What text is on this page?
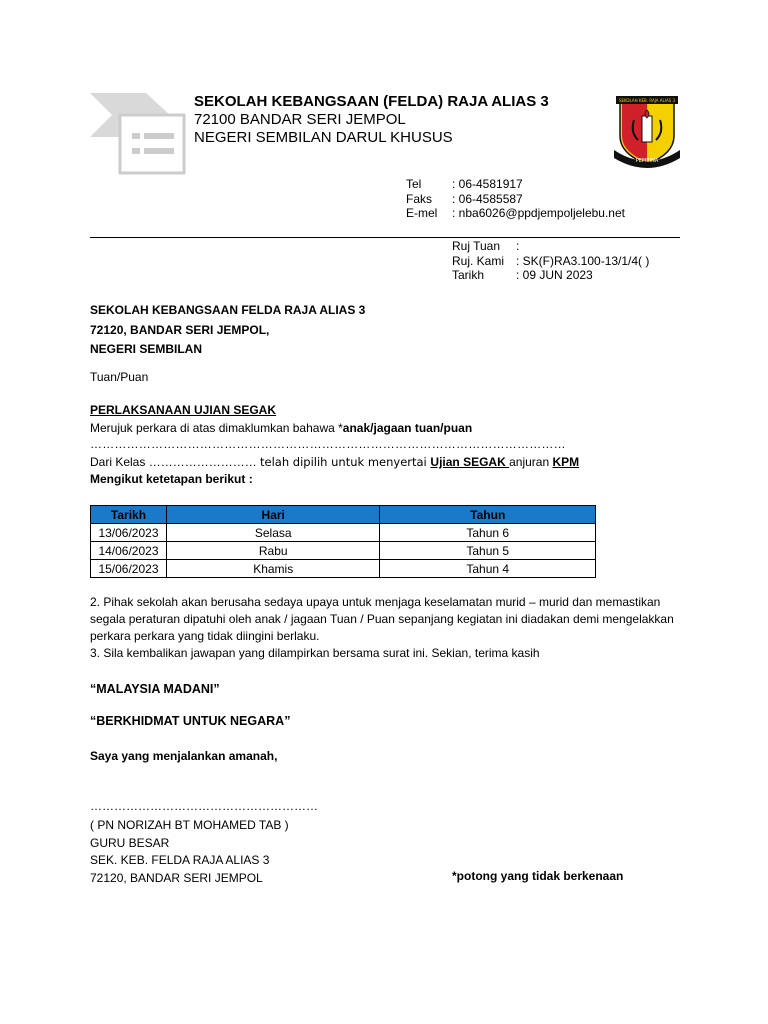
SEKOLAH KEBANGSAAN (FELDA) RAJA ALIAS 3
72100 BANDAR SERI JEMPOL
NEGERI SEMBILAN DARUL KHUSUS
SEKOLAH KEB. RAJA ALIAS 3
PEMBINA
Tel	: 06-4581917
Faks	: 06-4585587
E-mel	: nba6026@ppdjempoljelebu.net
Ruj Tuan	:
Ruj. Kami : SK(F)RA3.100-13/1/4( )
Tarikh	: 09 JUN 2023
SEKOLAH KEBANGSAAN FELDA RAJA ALIAS 3
72120, BANDAR SERI JEMPOL,
NEGERI SEMBILAN
Tuan/Puan
PERLAKSANAAN UJIAN SEGAK
Merujuk perkara di atas dimaklumkan bahawa *anak/jagaan tuan/puan
………………………………………………………………………………………………………
Dari Kelas ……………………… telah dipilih untuk menyertai Ujian SEGAK anjuran KPM
Mengikut ketetapan berikut :
Tarikh	Hari	Tahun
13/06/2023	Selasa	Tahun 6
14/06/2023	Rabu	Tahun 5
15/06/2023	Khamis	Tahun 4
2. Pihak sekolah akan berusaha sedaya upaya untuk menjaga keselamatan murid – murid dan memastikan segala peraturan dipatuhi oleh anak / jagaan Tuan / Puan sepanjang kegiatan ini diadakan demi mengelakkan perkara perkara yang tidak diingini berlaku.
3. Sila kembalikan jawapan yang dilampirkan bersama surat ini. Sekian, terima kasih
“MALAYSIA MADANI”
“BERKHIDMAT UNTUK NEGARA”
Saya yang menjalankan amanah,
…………………………………………………
( PN NORIZAH BT MOHAMED TAB )
GURU BESAR
SEK. KEB. FELDA RAJA ALIAS 3
72120, BANDAR SERI JEMPOL	*potong yang tidak berkenaan
